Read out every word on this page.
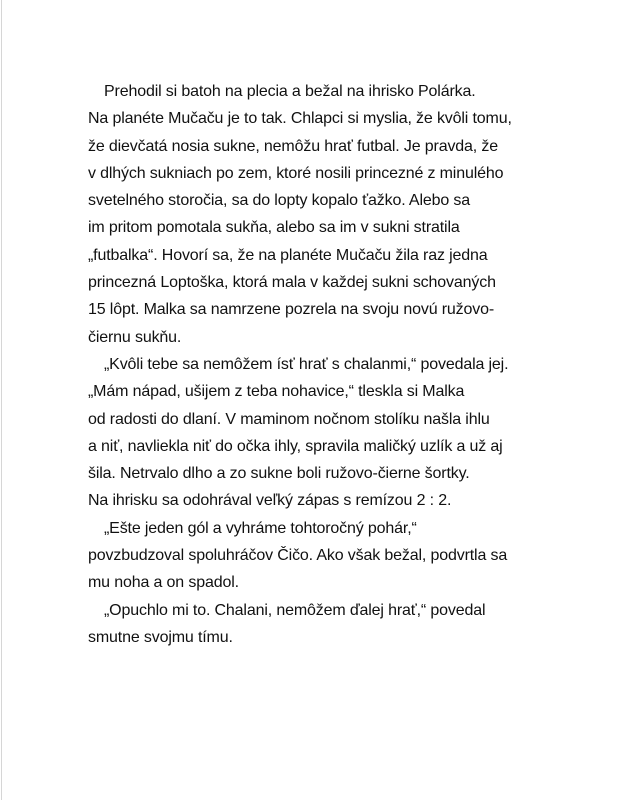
Prehodil si batoh na plecia a bežal na ihrisko Polárka.
Na planéte Mučaču je to tak. Chlapci si myslia, že kvôli tomu,
že dievčatá nosia sukne, nemôžu hrať futbal. Je pravda, že
v dlhých sukniach po zem, ktoré nosili princezné z minulého
svetelného storočia, sa do lopty kopalo ťažko. Alebo sa
im pritom pomotala sukňa, alebo sa im v sukni stratila
„futbalka“. Hovorí sa, že na planéte Mučaču žila raz jedna
princezná Loptoška, ktorá mala v každej sukni schovaných
15 lôpt. Malka sa namrzene pozrela na svoju novú ružovo-
čiernu sukňu.
„Kvôli tebe sa nemôžem ísť hrať s chalanmi,“ povedala jej.
„Mám nápad, ušijem z teba nohavice,“ tleskla si Malka
od radosti do dlaní. V maminom nočnom stolíku našla ihlu
a niť, navliekla niť do očka ihly, spravila maličký uzlík a už aj
šila. Netrvalo dlho a zo sukne boli ružovo-čierne šortky.
Na ihrisku sa odohrával veľký zápas s remízou 2 : 2.
„Ešte jeden gól a vyhráme tohtoročný pohár,“
povzbudzoval spoluhráčov Čičo. Ako však bežal, podvrtla sa
mu noha a on spadol.
„Opuchlo mi to. Chalani, nemôžem ďalej hrať,“ povedal
smutne svojmu tímu.
